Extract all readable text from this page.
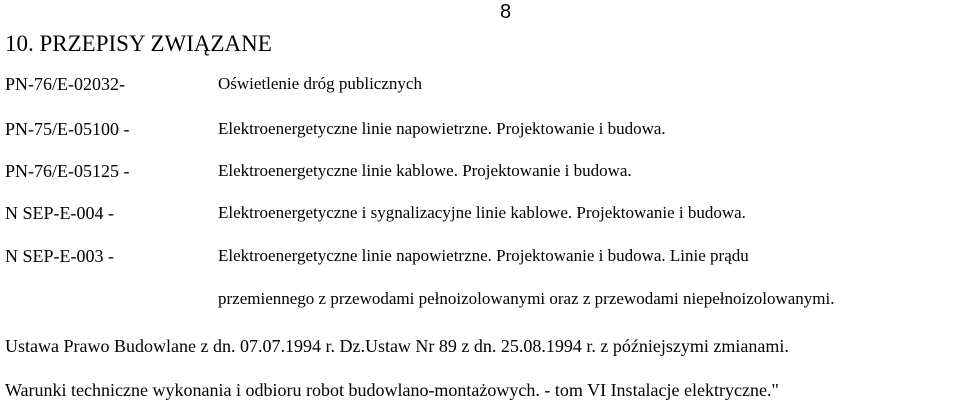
8
10. PRZEPISY ZWIĄZANE
PN-76/E-02032-	Oświetlenie dróg publicznych
PN-75/E-05100 -	Elektroenergetyczne linie napowietrzne. Projektowanie i budowa.
PN-76/E-05125 -	Elektroenergetyczne linie kablowe. Projektowanie i budowa.
N SEP-E-004 -	Elektroenergetyczne i sygnalizacyjne linie kablowe. Projektowanie i budowa.
N SEP-E-003 -	Elektroenergetyczne linie napowietrzne. Projektowanie i budowa. Linie prądu
przemiennego z przewodami pełnoizolowanymi oraz z przewodami niepełnoizolowanymi.
Ustawa Prawo Budowlane z dn. 07.07.1994 r. Dz.Ustaw Nr 89 z dn. 25.08.1994 r. z późniejszymi zmianami.
Warunki techniczne wykonania i odbioru robot budowlano-montażowych. - tom VI Instalacje elektryczne."
